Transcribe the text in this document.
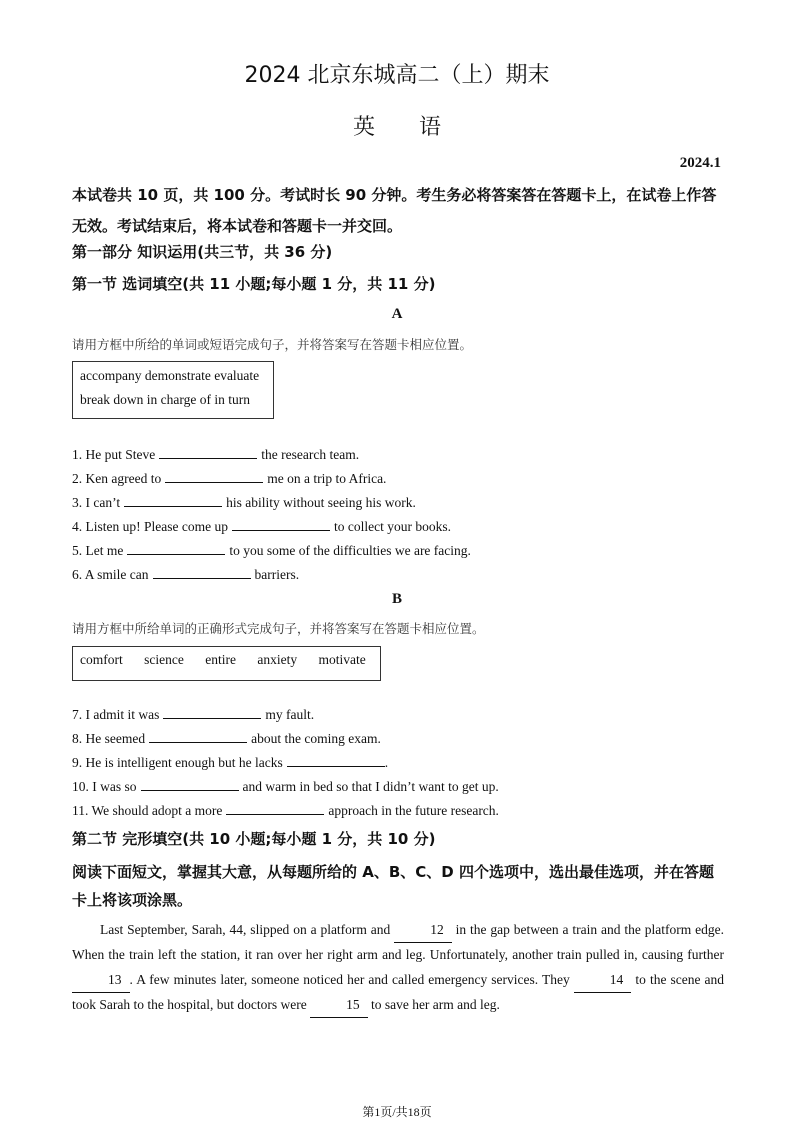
2024 北京东城高二（上）期末
英　　语
2024.1
本试卷共 10 页，共 100 分。考试时长 90 分钟。考生务必将答案答在答题卡上，在试卷上作答无效。考试结束后，将本试卷和答题卡一并交回。
第一部分 知识运用(共三节，共 36 分)
第一节 选词填空(共 11 小题;每小题 1 分，共 11 分)
A
请用方框中所给的单词或短语完成句子，并将答案写在答题卡相应位置。
accompany demonstrate evaluate
break down in charge of in turn
1. He put Steve	the research team.
2. Ken agreed to	me on a trip to Africa.
3. I can’t	his ability without seeing his work.
4. Listen up! Please come up	to collect your books.
5. Let me	to you some of the difficulties we are facing.
6. A smile can	barriers.
B
请用方框中所给单词的正确形式完成句子，并将答案写在答题卡相应位置。
comfort science entire anxiety motivate
7. I admit it was	my fault.
8. He seemed	about the coming exam.
9. He is intelligent enough but he lacks	.
10. I was so	and warm in bed so that I didn’t want to get up.
11. We should adopt a more	approach in the future research.
第二节 完形填空(共 10 小题;每小题 1 分，共 10 分)
阅读下面短文，掌握其大意，从每题所给的 A、B、C、D 四个选项中，选出最佳选项，并在答题卡上将该项涂黑。
Last September, Sarah, 44, slipped on a platform and	12 in the gap between a train and the platform edge. When the train left the station, it ran over her right arm and leg. Unfortunately, another train pulled in, causing further 13 . A few minutes later, someone noticed her and called emergency services. They	14 to the scene and took Sarah to the hospital, but doctors were	15 to save her arm and leg.
第1页/共18页
